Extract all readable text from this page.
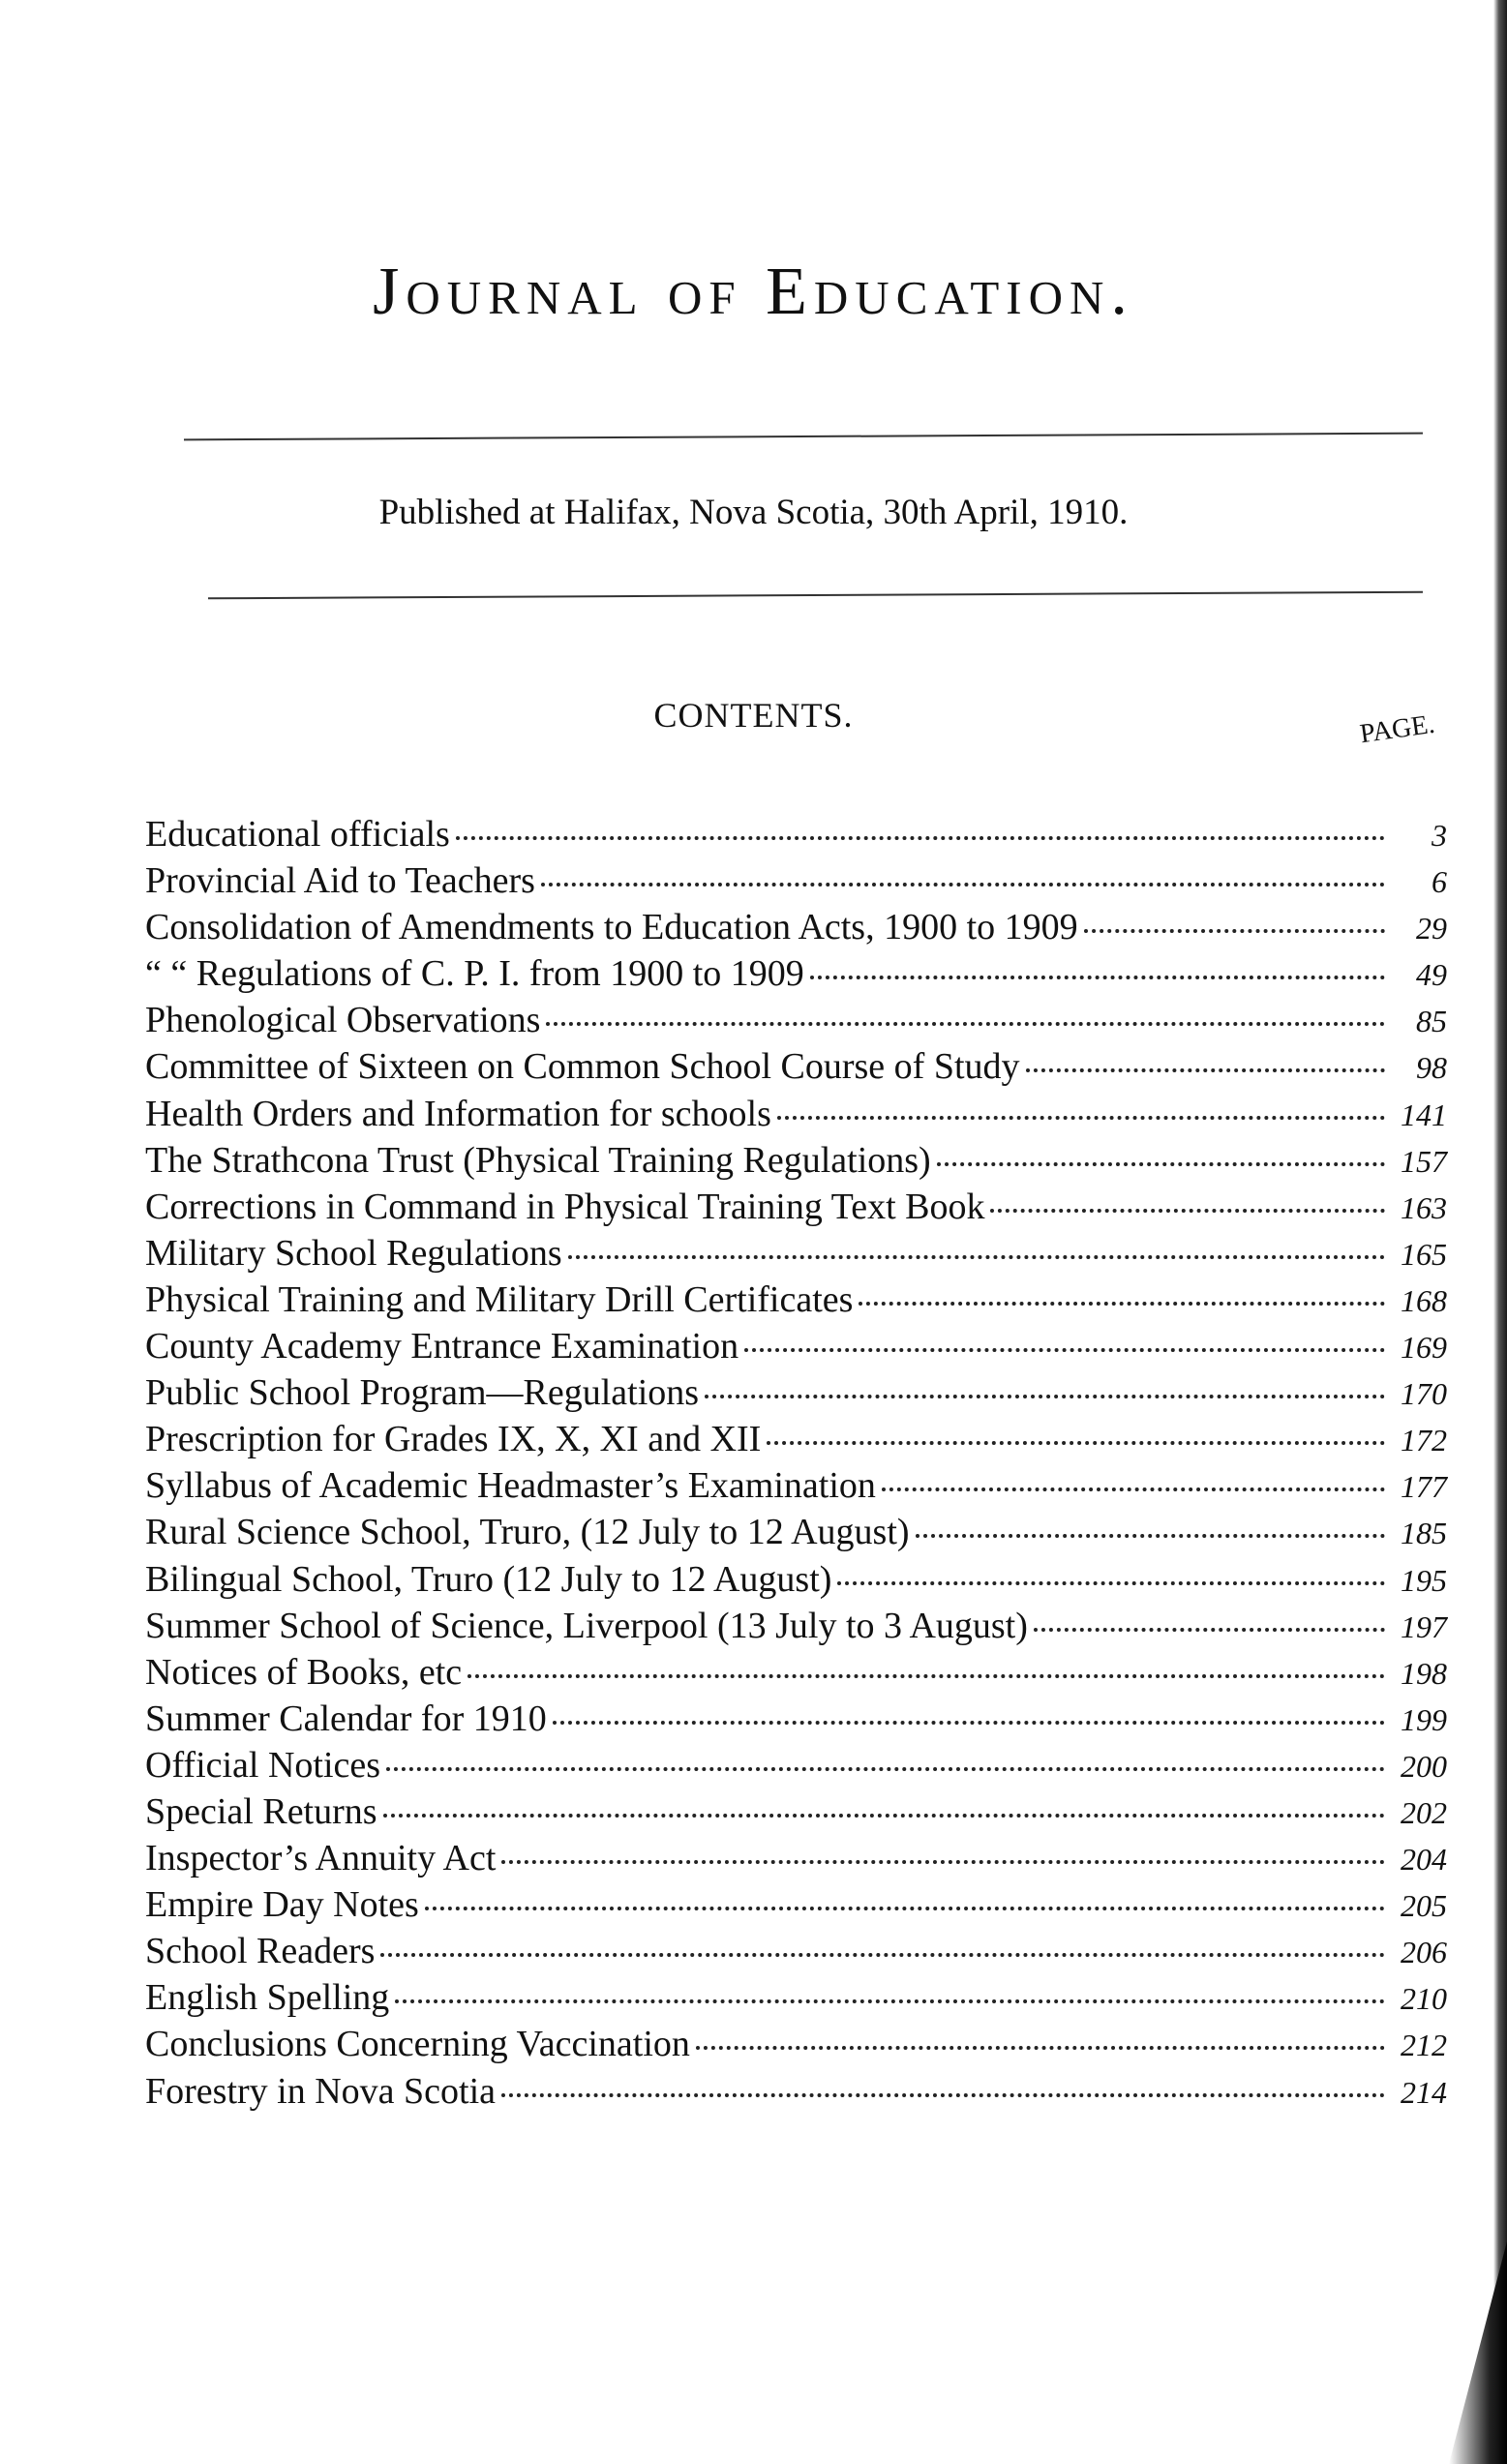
Journal of Education.

Published at Halifax, Nova Scotia, 30th April, 1910.

CONTENTS.	PAGE.
Educational officials	3
Provincial Aid to Teachers	6
Consolidation of Amendments to Education Acts, 1900 to 1909	29
“ “ Regulations of C. P. I. from 1900 to 1909	49
Phenological Observations	85
Committee of Sixteen on Common School Course of Study	98
Health Orders and Information for schools	141
The Strathcona Trust (Physical Training Regulations)	157
Corrections in Command in Physical Training Text Book	163
Military School Regulations	165
Physical Training and Military Drill Certificates	168
County Academy Entrance Examination	169
Public School Program—Regulations	170
Prescription for Grades IX, X, XI and XII	172
Syllabus of Academic Headmaster’s Examination	177
Rural Science School, Truro, (12 July to 12 August)	185
Bilingual School, Truro (12 July to 12 August)	195
Summer School of Science, Liverpool (13 July to 3 August)	197
Notices of Books, etc	198
Summer Calendar for 1910	199
Official Notices	200
Special Returns	202
Inspector’s Annuity Act	204
Empire Day Notes	205
School Readers	206
English Spelling	210
Conclusions Concerning Vaccination	212
Forestry in Nova Scotia	214
